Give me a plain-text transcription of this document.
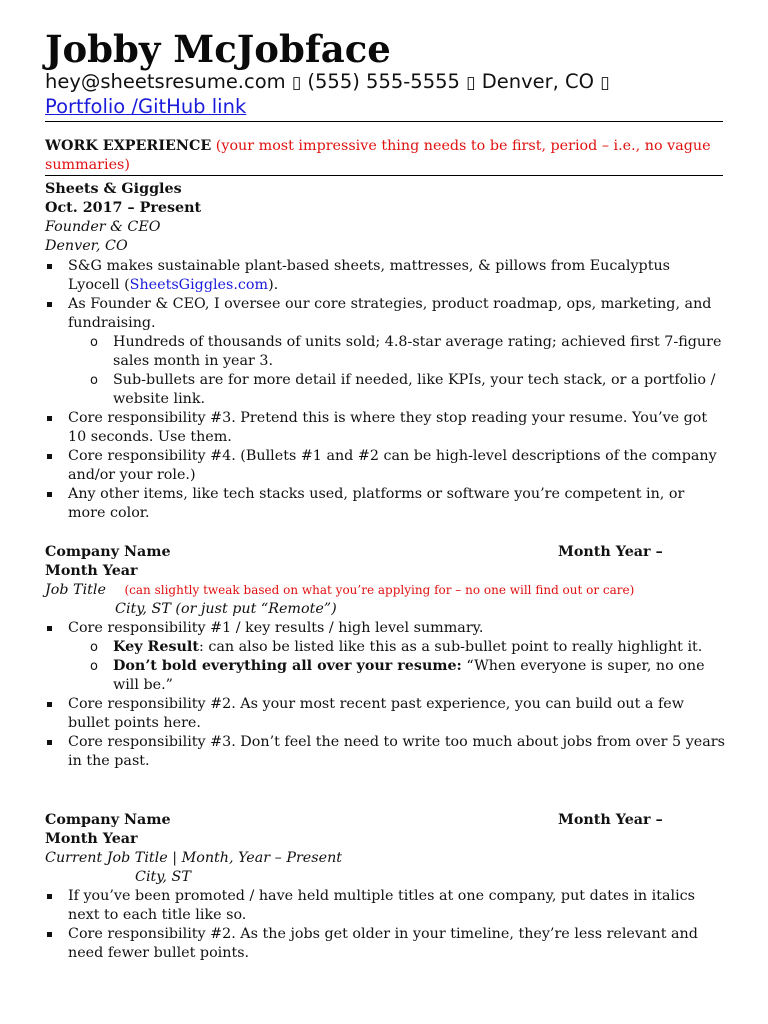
Jobby McJobface
hey@sheetsresume.com ▯ (555) 555-5555 ▯ Denver, CO ▯
Portfolio /GitHub link
WORK EXPERIENCE (your most impressive thing needs to be first, period – i.e., no vague summaries)
Sheets & Giggles
Oct. 2017 – Present
Founder & CEO
Denver, CO
S&G makes sustainable plant-based sheets, mattresses, & pillows from Eucalyptus Lyocell (SheetsGiggles.com).
As Founder & CEO, I oversee our core strategies, product roadmap, ops, marketing, and fundraising.
o Hundreds of thousands of units sold; 4.8-star average rating; achieved first 7-figure sales month in year 3.
o Sub-bullets are for more detail if needed, like KPIs, your tech stack, or a portfolio / website link.
Core responsibility #3. Pretend this is where they stop reading your resume. You’ve got 10 seconds. Use them.
Core responsibility #4. (Bullets #1 and #2 can be high-level descriptions of the company and/or your role.)
Any other items, like tech stacks used, platforms or software you’re competent in, or more color.
Company Name	Month Year –
Month Year
Job Title (can slightly tweak based on what you’re applying for – no one will find out or care)
City, ST (or just put “Remote”)
Core responsibility #1 / key results / high level summary.
o Key Result: can also be listed like this as a sub-bullet point to really highlight it.
o Don’t bold everything all over your resume: “When everyone is super, no one will be.”
Core responsibility #2. As your most recent past experience, you can build out a few bullet points here.
Core responsibility #3. Don’t feel the need to write too much about jobs from over 5 years in the past.
Company Name	Month Year –
Month Year
Current Job Title | Month, Year – Present
City, ST
If you’ve been promoted / have held multiple titles at one company, put dates in italics next to each title like so.
Core responsibility #2. As the jobs get older in your timeline, they’re less relevant and need fewer bullet points.
